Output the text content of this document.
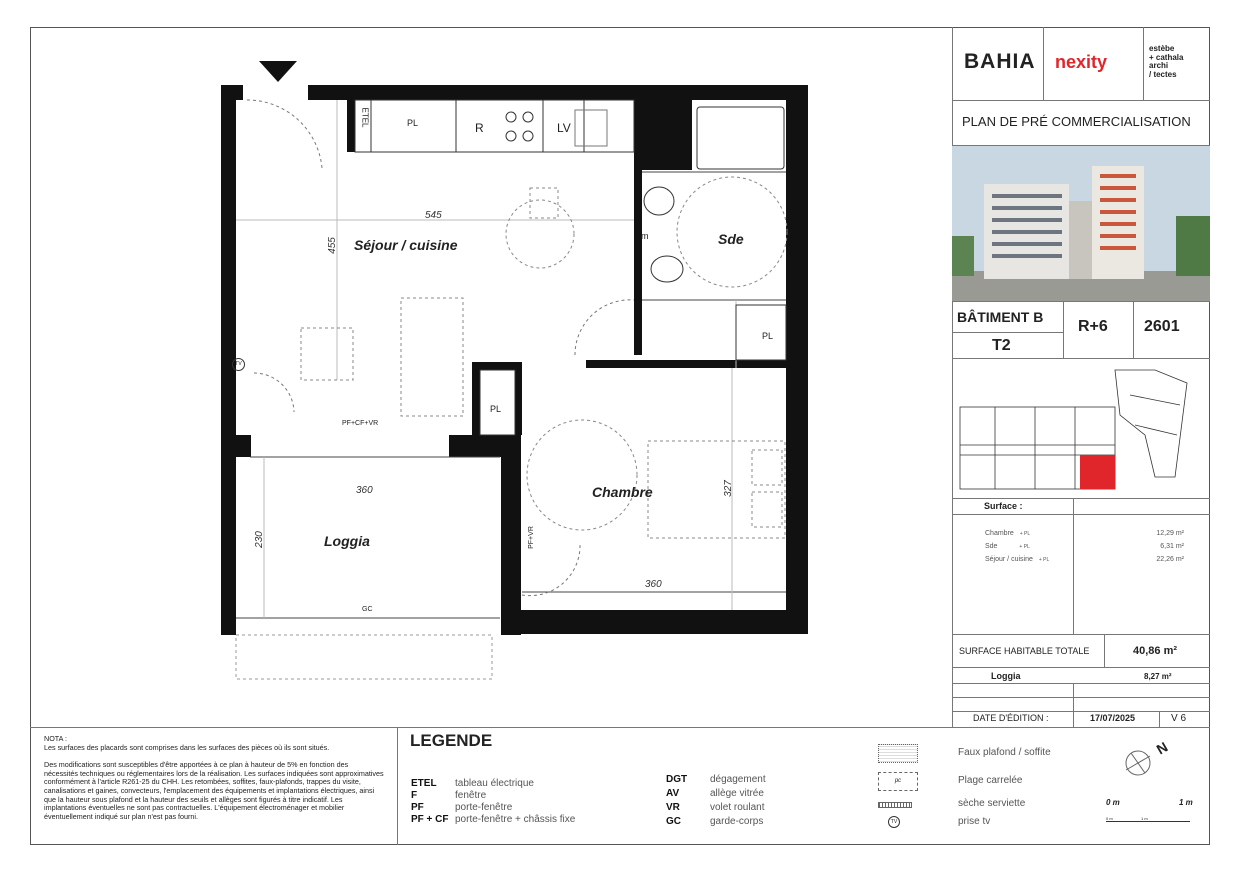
Séjour / cuisine	Sde
Chambre
Loggia
545
455
360
230
360
327
ETEL	PL	R	LV
m
PL
PL
PF+CF+VR
PF+VR
GC
TV
BAHIA nexity
estèbe
+ cathala
archi
/ tectes
PLAN DE PRÉ COMMERCIALISATION
BÂTIMENT B
T2
R+6 2601
Surface :
Chambre + PL	12,29 m²
Sde	+ PL	6,31 m²
Séjour / cuisine + PL	22,26 m²
SURFACE HABITABLE TOTALE	40,86 m²
Loggia	8,27 m²
DATE D'ÉDITION :	17/07/2025	V 6
NOTA :
Les surfaces des placards sont comprises dans les surfaces des pièces où ils sont situés.
Des modifications sont susceptibles d'être apportées à ce plan à hauteur de 5% en fonction des nécessités techniques ou réglementaires lors de la réalisation. Les surfaces indiquées sont approximatives conformément à l'article R261-25 du CHH. Les retombées, soffites, faux-plafonds, trappes du visite, canalisations et gaines, convecteurs, l'emplacement des équipements et implantations électriques, ainsi que la hauteur sous plafond et la hauteur des seuils et allèges sont figurés à titre indicatif. Les implantations éventuelles ne sont pas contractuelles. L'équipement électroménager et mobilier éventuellement indiqué sur plan n'est pas fourni.
LEGENDE
ETEL tableau électrique
F	fenêtre
PF	porte-fenêtre
PF + CF porte-fenêtre + châssis fixe
DGT dégagement
AV	allège vitrée
VR	volet roulant
GC	garde-corps
Faux plafond / soffite
pc	Plage carrelée
sèche serviette
TV	prise tv
N
0 m	1 m
0 m	1 m
